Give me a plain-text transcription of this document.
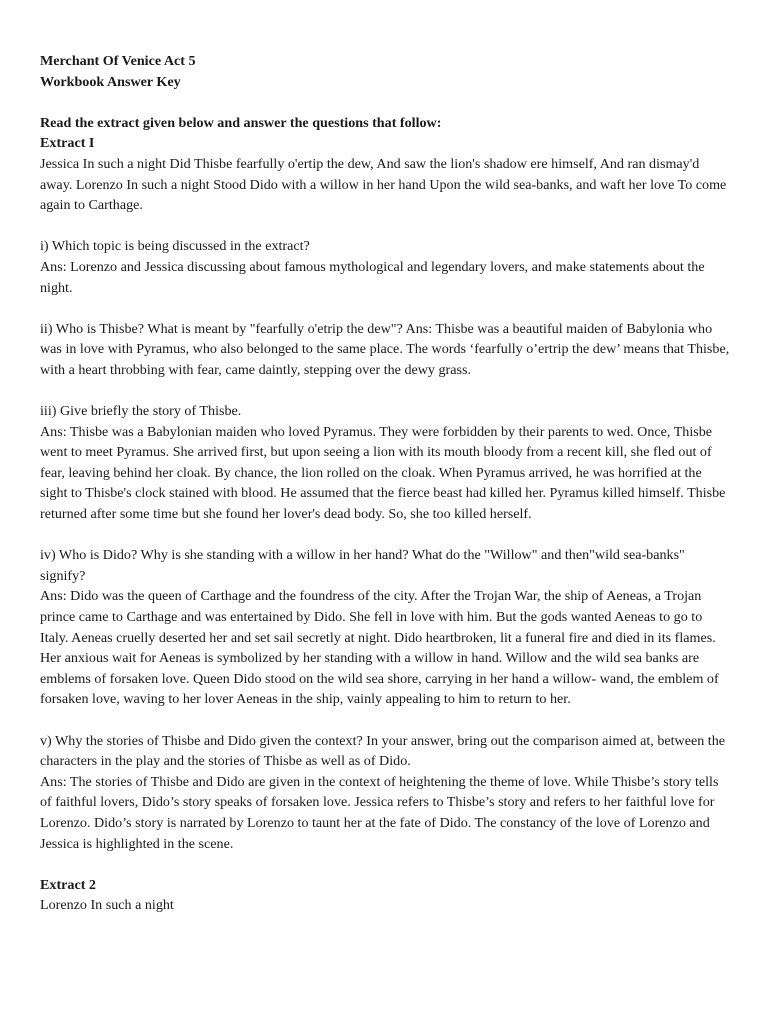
Merchant Of Venice Act 5

Workbook Answer Key

Read the extract given below and answer the questions that follow:

Extract I

Jessica In such a night Did Thisbe fearfully o'ertip the dew, And saw the lion's shadow ere himself, And ran dismay'd away. Lorenzo In such a night Stood Dido with a willow in her hand Upon the wild sea-banks, and waft her love To come again to Carthage.

i) Which topic is being discussed in the extract?

Ans: Lorenzo and Jessica discussing about famous mythological and legendary lovers, and make statements about the night.

ii) Who is Thisbe? What is meant by "fearfully o'etrip the dew"? Ans: Thisbe was a beautiful maiden of Babylonia who was in love with Pyramus, who also belonged to the same place. The words ‘fearfully o’ertrip the dew’ means that Thisbe, with a heart throbbing with fear, came daintly, stepping over the dewy grass.

iii) Give briefly the story of Thisbe.

Ans: Thisbe was a Babylonian maiden who loved Pyramus. They were forbidden by their parents to wed. Once, Thisbe went to meet Pyramus. She arrived first, but upon seeing a lion with its mouth bloody from a recent kill, she fled out of fear, leaving behind her cloak. By chance, the lion rolled on the cloak. When Pyramus arrived, he was horrified at the sight to Thisbe's clock stained with blood. He assumed that the fierce beast had killed her. Pyramus killed himself. Thisbe returned after some time but she found her lover's dead body. So, she too killed herself.

iv) Who is Dido? Why is she standing with a willow in her hand? What do the "Willow" and then"wild sea-banks" signify?

Ans: Dido was the queen of Carthage and the foundress of the city. After the Trojan War, the ship of Aeneas, a Trojan prince came to Carthage and was entertained by Dido. She fell in love with him. But the gods wanted Aeneas to go to Italy. Aeneas cruelly deserted her and set sail secretly at night. Dido heartbroken, lit a funeral fire and died in its flames. Her anxious wait for Aeneas is symbolized by her standing with a willow in hand. Willow and the wild sea banks are emblems of forsaken love. Queen Dido stood on the wild sea shore, carrying in her hand a willow- wand, the emblem of forsaken love, waving to her lover Aeneas in the ship, vainly appealing to him to return to her.

v) Why the stories of Thisbe and Dido given the context? In your answer, bring out the comparison aimed at, between the characters in the play and the stories of Thisbe as well as of Dido.

Ans: The stories of Thisbe and Dido are given in the context of heightening the theme of love. While Thisbe’s story tells of faithful lovers, Dido’s story speaks of forsaken love. Jessica refers to Thisbe’s story and refers to her faithful love for Lorenzo. Dido’s story is narrated by Lorenzo to taunt her at the fate of Dido. The constancy of the love of Lorenzo and Jessica is highlighted in the scene.

Extract 2

Lorenzo In such a night
